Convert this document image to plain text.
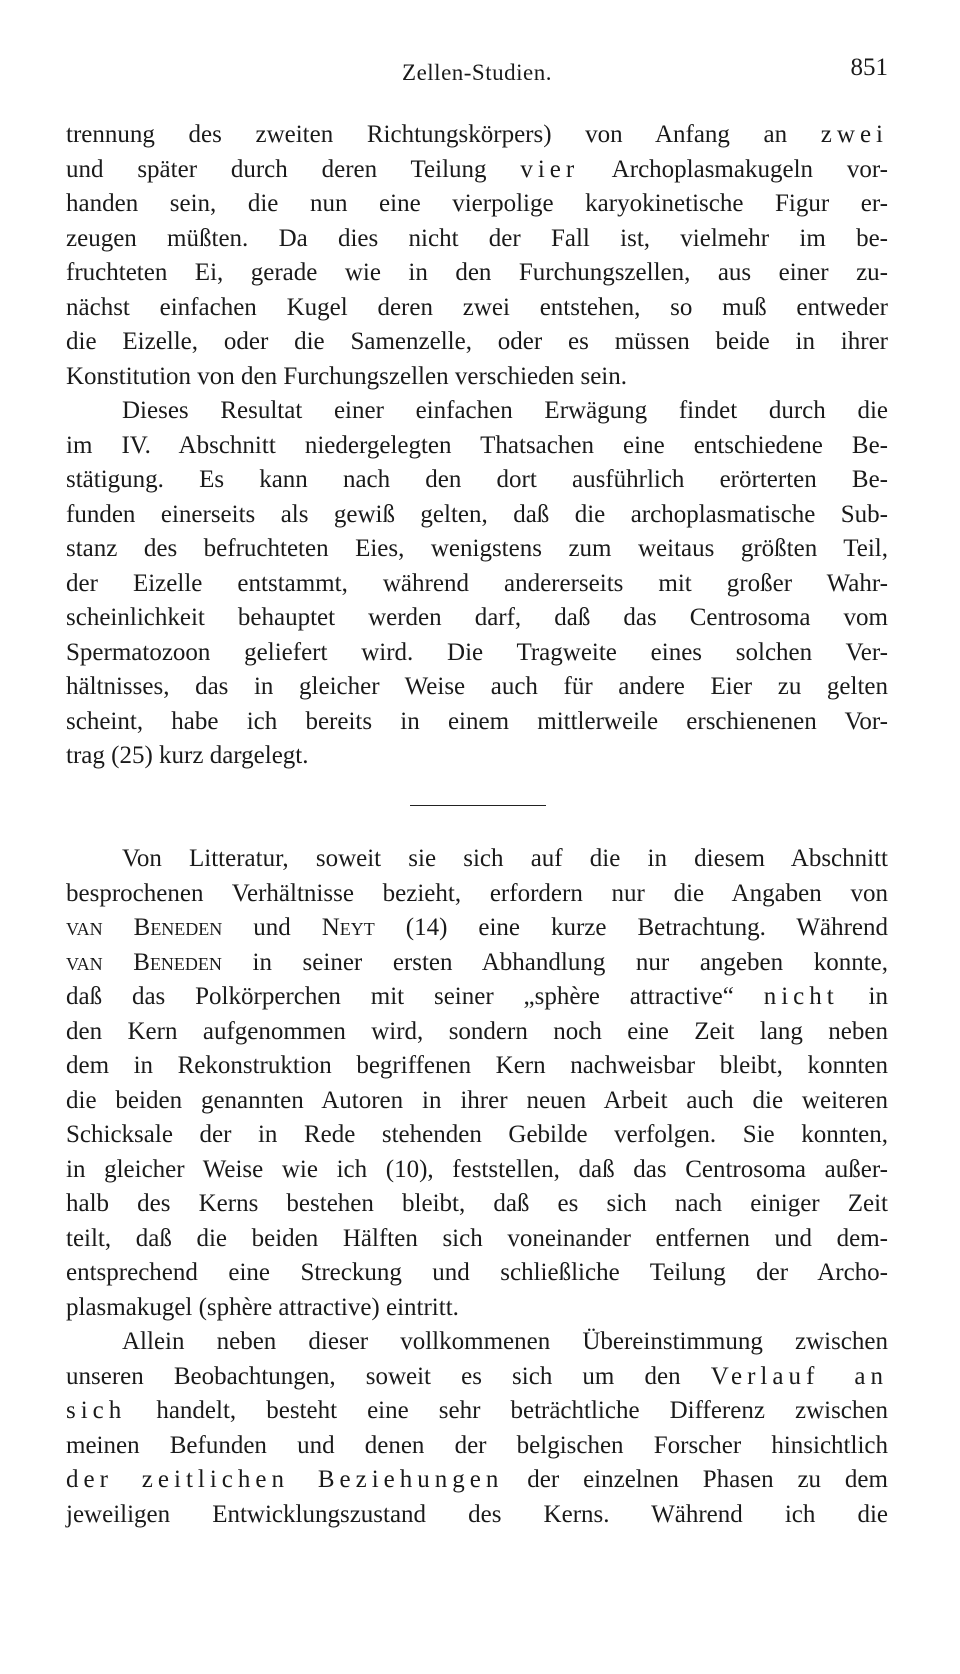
Zellen-Studien.	851
trennung des zweiten Richtungskörpers) von Anfang an zwei
und später durch deren Teilung vier Archoplasmakugeln vor-
handen sein, die nun eine vierpolige karyokinetische Figur er-
zeugen müßten. Da dies nicht der Fall ist, vielmehr im be-
fruchteten Ei, gerade wie in den Furchungszellen, aus einer zu-
nächst einfachen Kugel deren zwei entstehen, so muß entweder
die Eizelle, oder die Samenzelle, oder es müssen beide in ihrer
Konstitution von den Furchungszellen verschieden sein.
Dieses Resultat einer einfachen Erwägung findet durch die
im IV. Abschnitt niedergelegten Thatsachen eine entschiedene Be-
stätigung. Es kann nach den dort ausführlich erörterten Be-
funden einerseits als gewiß gelten, daß die archoplasmatische Sub-
stanz des befruchteten Eies, wenigstens zum weitaus größten Teil,
der Eizelle entstammt, während andererseits mit großer Wahr-
scheinlichkeit behauptet werden darf, daß das Centrosoma vom
Spermatozoon geliefert wird. Die Tragweite eines solchen Ver-
hältnisses, das in gleicher Weise auch für andere Eier zu gelten
scheint, habe ich bereits in einem mittlerweile erschienenen Vor-
trag (25) kurz dargelegt.
Von Litteratur, soweit sie sich auf die in diesem Abschnitt
besprochenen Verhältnisse bezieht, erfordern nur die Angaben von
van Beneden und Neyt (14) eine kurze Betrachtung. Während
van Beneden in seiner ersten Abhandlung nur angeben konnte,
daß das Polkörperchen mit seiner „sphère attractive“ nicht in
den Kern aufgenommen wird, sondern noch eine Zeit lang neben
dem in Rekonstruktion begriffenen Kern nachweisbar bleibt, konnten
die beiden genannten Autoren in ihrer neuen Arbeit auch die weiteren
Schicksale der in Rede stehenden Gebilde verfolgen. Sie konnten,
in gleicher Weise wie ich (10), feststellen, daß das Centrosoma außer-
halb des Kerns bestehen bleibt, daß es sich nach einiger Zeit
teilt, daß die beiden Hälften sich voneinander entfernen und dem-
entsprechend eine Streckung und schließliche Teilung der Archo-
plasmakugel (sphère attractive) eintritt.
Allein neben dieser vollkommenen Übereinstimmung zwischen
unseren Beobachtungen, soweit es sich um den Verlauf an
sich handelt, besteht eine sehr beträchtliche Differenz zwischen
meinen Befunden und denen der belgischen Forscher hinsichtlich
der zeitlichen Beziehungen der einzelnen Phasen zu dem
jeweiligen Entwicklungszustand des Kerns. Während ich die
